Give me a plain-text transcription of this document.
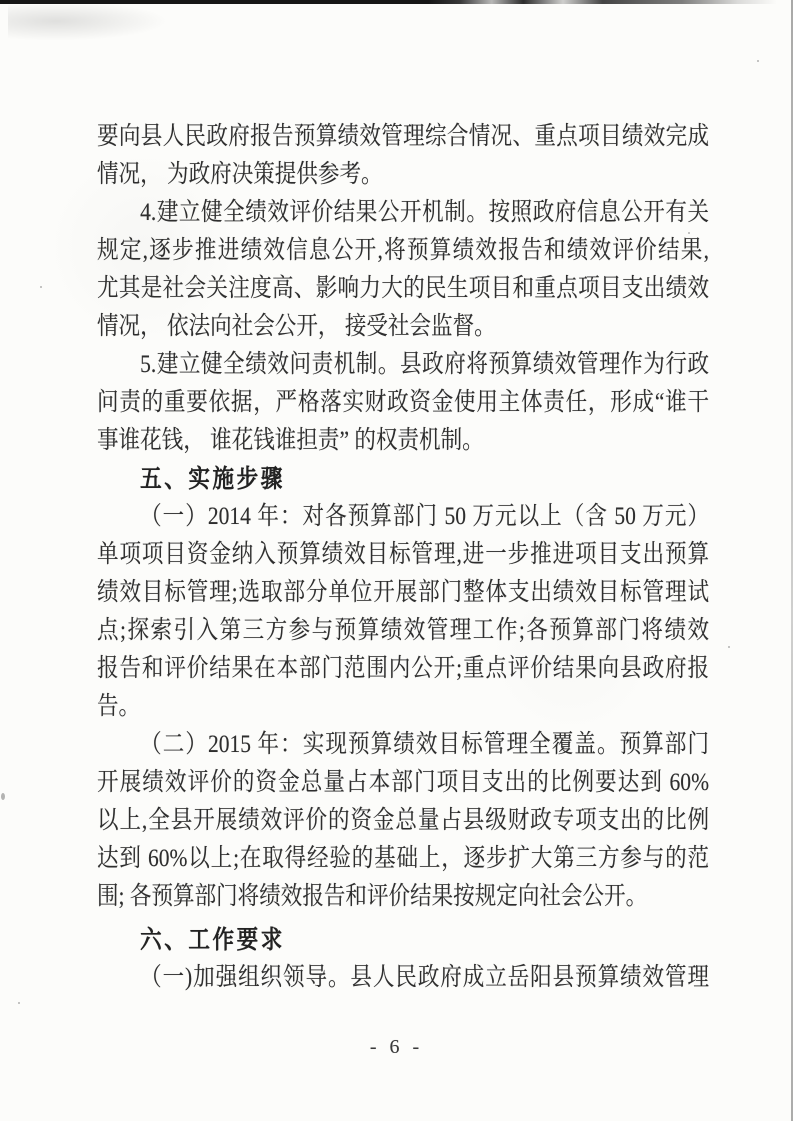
要向县人民政府报告预算绩效管理综合情况、重点项目绩效完成
情况， 为政府决策提供参考。
4.建立健全绩效评价结果公开机制。按照政府信息公开有关
规定,逐步推进绩效信息公开,将预算绩效报告和绩效评价结果,
尤其是社会关注度高、影响力大的民生项目和重点项目支出绩效
情况， 依法向社会公开， 接受社会监督。
5.建立健全绩效问责机制。县政府将预算绩效管理作为行政
问责的重要依据，严格落实财政资金使用主体责任，形成“谁干
事谁花钱， 谁花钱谁担责” 的权责机制。
五、实施步骤
（一）2014 年：对各预算部门 50 万元以上（含 50 万元）
单项项目资金纳入预算绩效目标管理,进一步推进项目支出预算
绩效目标管理;选取部分单位开展部门整体支出绩效目标管理试
点;探索引入第三方参与预算绩效管理工作;各预算部门将绩效
报告和评价结果在本部门范围内公开;重点评价结果向县政府报
告。
（二）2015 年：实现预算绩效目标管理全覆盖。预算部门
开展绩效评价的资金总量占本部门项目支出的比例要达到 60%
以上,全县开展绩效评价的资金总量占县级财政专项支出的比例
达到 60%以上;在取得经验的基础上，逐步扩大第三方参与的范
围; 各预算部门将绩效报告和评价结果按规定向社会公开。
六、工作要求
（一)加强组织领导。县人民政府成立岳阳县预算绩效管理
- 6 -
